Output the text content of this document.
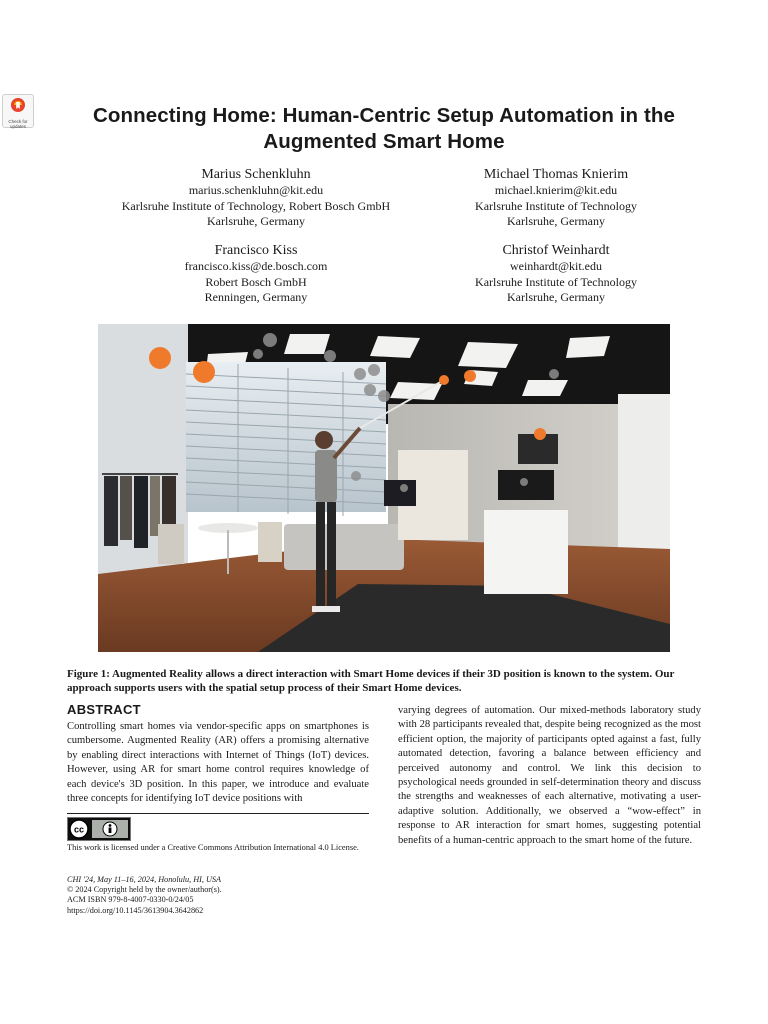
Check for updates	Connecting Home: Human-Centric Setup Automation in the Augmented Smart Home
Marius Schenkluhn
marius.schenkluhn@kit.edu
Karlsruhe Institute of Technology, Robert Bosch GmbH
Karlsruhe, Germany
Michael Thomas Knierim
michael.knierim@kit.edu
Karlsruhe Institute of Technology
Karlsruhe, Germany
Francisco Kiss
francisco.kiss@de.bosch.com
Robert Bosch GmbH
Renningen, Germany
Christof Weinhardt
weinhardt@kit.edu
Karlsruhe Institute of Technology
Karlsruhe, Germany
Figure 1: Augmented Reality allows a direct interaction with Smart Home devices if their 3D position is known to the system. Our approach supports users with the spatial setup process of their Smart Home devices.
ABSTRACT
Controlling smart homes via vendor-specific apps on smartphones is cumbersome. Augmented Reality (AR) offers a promising alternative by enabling direct interactions with Internet of Things (IoT) devices. However, using AR for smart home control requires knowledge of each device's 3D position. In this paper, we introduce and evaluate three concepts for identifying IoT device positions with
varying degrees of automation. Our mixed-methods laboratory study with 28 participants revealed that, despite being recognized as the most efficient option, the majority of participants opted against a fast, fully automated detection, favoring a balance between efficiency and perceived autonomy and control. We link this decision to psychological needs grounded in self-determination theory and discuss the strengths and weaknesses of each alternative, motivating a user-adaptive solution. Additionally, we observed a “wow-effect” in response to AR interaction for smart homes, suggesting potential benefits of a human-centric approach to the smart home of the future.
cc
This work is licensed under a Creative Commons Attribution International 4.0 License.
CHI '24, May 11–16, 2024, Honolulu, HI, USA
© 2024 Copyright held by the owner/author(s).
ACM ISBN 979-8-4007-0330-0/24/05
https://doi.org/10.1145/3613904.3642862
